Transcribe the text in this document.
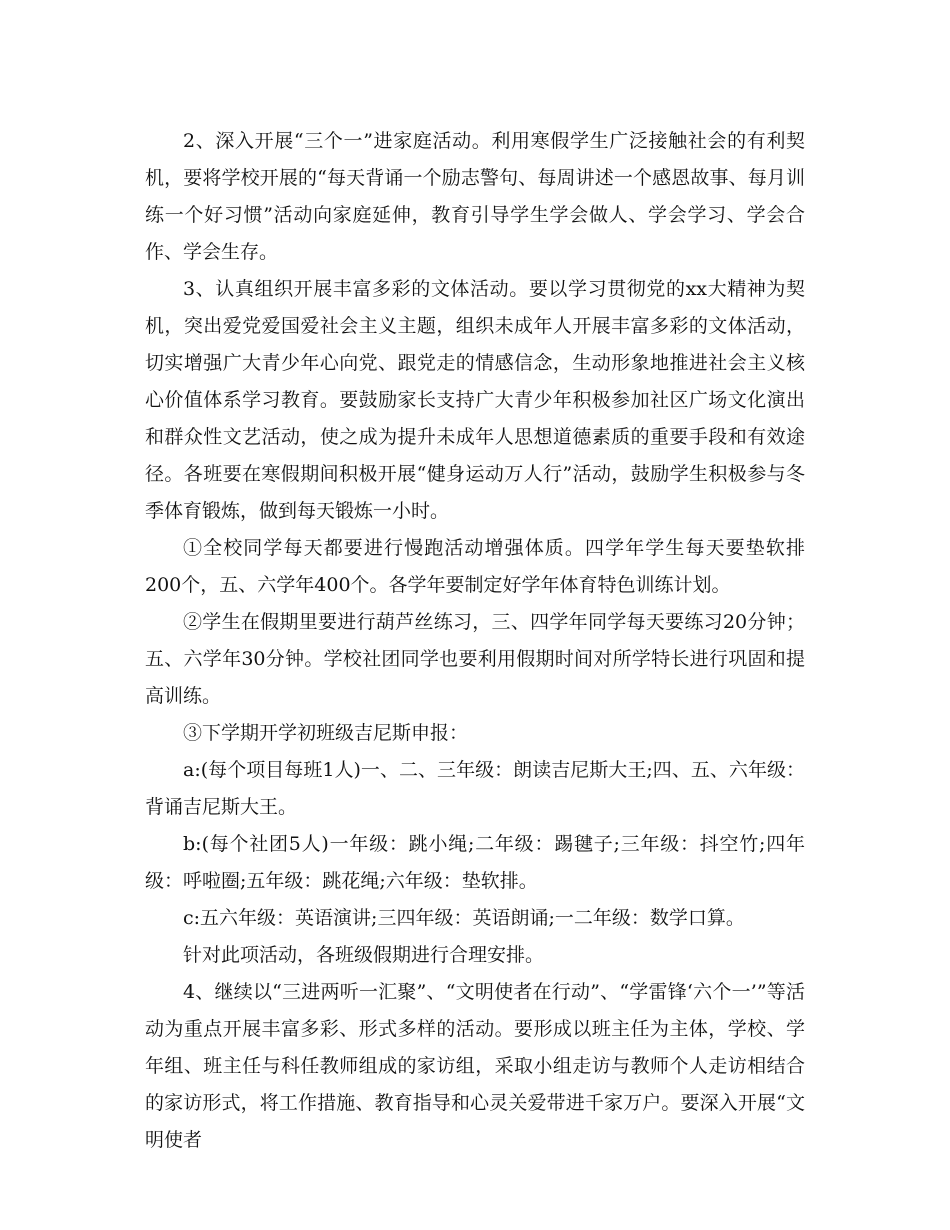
2、深入开展“三个一”进家庭活动。利用寒假学生广泛接触社会的有利契机，要将学校开展的“每天背诵一个励志警句、每周讲述一个感恩故事、每月训练一个好习惯”活动向家庭延伸，教育引导学生学会做人、学会学习、学会合作、学会生存。

3、认真组织开展丰富多彩的文体活动。要以学习贯彻党的xx大精神为契机，突出爱党爱国爱社会主义主题，组织未成年人开展丰富多彩的文体活动，切实增强广大青少年心向党、跟党走的情感信念，生动形象地推进社会主义核心价值体系学习教育。要鼓励家长支持广大青少年积极参加社区广场文化演出和群众性文艺活动，使之成为提升未成年人思想道德素质的重要手段和有效途径。各班要在寒假期间积极开展“健身运动万人行”活动，鼓励学生积极参与冬季体育锻炼，做到每天锻炼一小时。

①全校同学每天都要进行慢跑活动增强体质。四学年学生每天要垫软排200个，五、六学年400个。各学年要制定好学年体育特色训练计划。

②学生在假期里要进行葫芦丝练习，三、四学年同学每天要练习20分钟；五、六学年30分钟。学校社团同学也要利用假期时间对所学特长进行巩固和提高训练。

③下学期开学初班级吉尼斯申报：

a:(每个项目每班1人)一、二、三年级：朗读吉尼斯大王;四、五、六年级：背诵吉尼斯大王。

b:(每个社团5人)一年级：跳小绳;二年级：踢毽子;三年级：抖空竹;四年级：呼啦圈;五年级：跳花绳;六年级：垫软排。

c:五六年级：英语演讲;三四年级：英语朗诵;一二年级：数学口算。

针对此项活动，各班级假期进行合理安排。

4、继续以“三进两听一汇聚”、“文明使者在行动”、“学雷锋‘六个一’”等活动为重点开展丰富多彩、形式多样的活动。要形成以班主任为主体，学校、学年组、班主任与科任教师组成的家访组，采取小组走访与教师个人走访相结合的家访形式，将工作措施、教育指导和心灵关爱带进千家万户。要深入开展“文明使者
